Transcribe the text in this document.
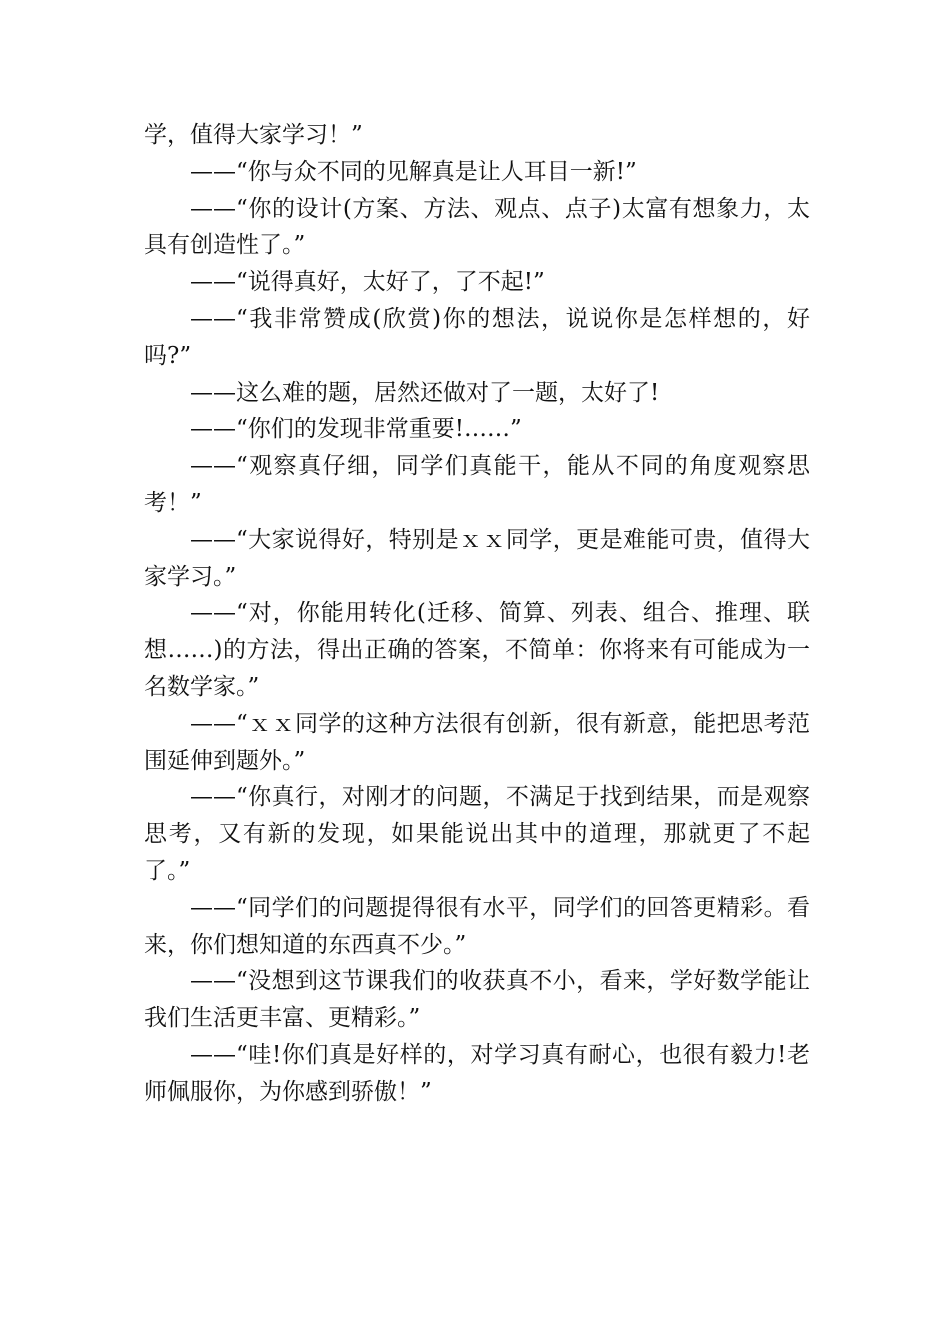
学，值得大家学习！”

——“你与众不同的见解真是让人耳目一新!”

——“你的设计(方案、方法、观点、点子)太富有想象力，太具有创造性了。”

——“说得真好，太好了，了不起!”

——“我非常赞成(欣赏)你的想法，说说你是怎样想的，好吗?”

——这么难的题，居然还做对了一题，太好了!

——“你们的发现非常重要!……”

——“观察真仔细，同学们真能干，能从不同的角度观察思考！”

——“大家说得好，特别是ｘｘ同学，更是难能可贵，值得大家学习。”

——“对，你能用转化(迁移、简算、列表、组合、推理、联想……)的方法，得出正确的答案，不简单：你将来有可能成为一名数学家。”

——“ｘｘ同学的这种方法很有创新，很有新意，能把思考范围延伸到题外。”

——“你真行，对刚才的问题，不满足于找到结果，而是观察思考，又有新的发现，如果能说出其中的道理，那就更了不起了。”

——“同学们的问题提得很有水平，同学们的回答更精彩。看来，你们想知道的东西真不少。”

——“没想到这节课我们的收获真不小，看来，学好数学能让我们生活更丰富、更精彩。”

——“哇!你们真是好样的，对学习真有耐心，也很有毅力!老师佩服你，为你感到骄傲！”
